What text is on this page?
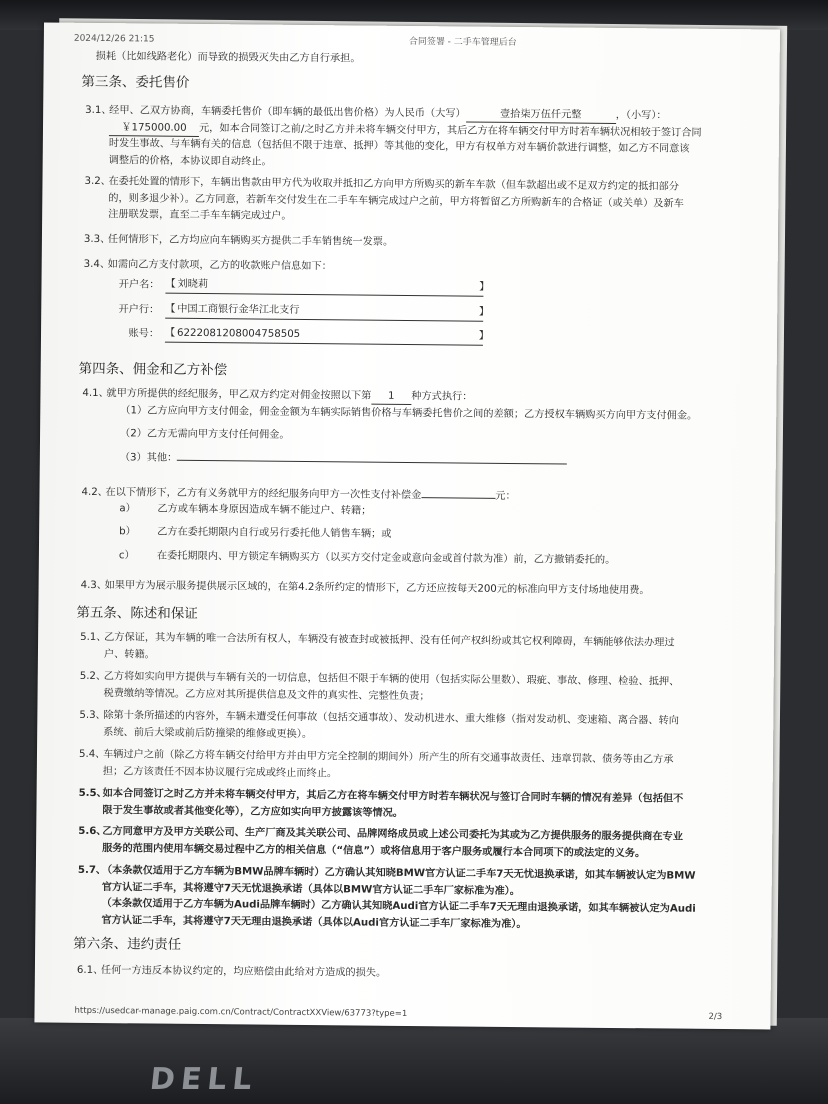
DELL
2024/12/26 21:15	合同签署 - 二手车管理后台
损耗（比如线路老化）而导致的损毁灭失由乙方自行承担。
第三条、委托售价
3.1、
经甲、乙双方协商，车辆委托售价（即车辆的最低出售价格）为人民币（大写）	壹拾柒万伍仟元整	，（小写）：
￥175000.00 元，如本合同签订之前/之时乙方并未将车辆交付甲方，其后乙方在将车辆交付甲方时若车辆状况相较于签订合同
时发生事故、与车辆有关的信息（包括但不限于违章、抵押）等其他的变化，甲方有权单方对车辆价款进行调整，如乙方不同意该
调整后的价格，本协议即自动终止。
3.2、
在委托处置的情形下，车辆出售款由甲方代为收取并抵扣乙方向甲方所购买的新车车款（但车款超出或不足双方约定的抵扣部分
的，则多退少补）。乙方同意，若新车交付发生在二手车车辆完成过户之前，甲方将暂留乙方所购新车的合格证（或关单）及新车
注册联发票，直至二手车车辆完成过户。
3.3、
任何情形下，乙方均应向车辆购买方提供二手车销售统一发票。
3.4、
如需向乙方支付款项，乙方的收款账户信息如下：
开户名： 【 刘晓莉	】
开户行： 【 中国工商银行金华江北支行	】
账号： 【 6222081208004758505	】
第四条、佣金和乙方补偿
4.1、
就甲方所提供的经纪服务，甲乙双方约定对佣金按照以下第 1 种方式执行：
（1）乙方应向甲方支付佣金，佣金金额为车辆实际销售价格与车辆委托售价之间的差额；乙方授权车辆购买方向甲方支付佣金。
（2）乙方无需向甲方支付任何佣金。
（3）其他：
4.2、
在以下情形下，乙方有义务就甲方的经纪服务向甲方一次性支付补偿金	元：
a） 乙方或车辆本身原因造成车辆不能过户、转籍；
b） 乙方在委托期限内自行或另行委托他人销售车辆；或
c） 在委托期限内、甲方锁定车辆购买方（以买方交付定金或意向金或首付款为准）前，乙方撤销委托的。
4.3、
如果甲方为展示服务提供展示区域的，在第4.2条所约定的情形下，乙方还应按每天200元的标准向甲方支付场地使用费。
第五条、陈述和保证
5.1、
乙方保证，其为车辆的唯一合法所有权人，车辆没有被查封或被抵押、没有任何产权纠纷或其它权利障碍，车辆能够依法办理过
户、转籍。
5.2、
乙方将如实向甲方提供与车辆有关的一切信息，包括但不限于车辆的使用（包括实际公里数）、瑕疵、事故、修理、检验、抵押、
税费缴纳等情况。乙方应对其所提供信息及文件的真实性、完整性负责；
5.3、
除第十条所描述的内容外，车辆未遭受任何事故（包括交通事故）、发动机进水、重大维修（指对发动机、变速箱、离合器、转向
系统、前后大梁或前后防撞梁的维修或更换）。
5.4、
车辆过户之前（除乙方将车辆交付给甲方并由甲方完全控制的期间外）所产生的所有交通事故责任、违章罚款、债务等由乙方承
担；乙方该责任不因本协议履行完成或终止而终止。
5.5、
如本合同签订之时乙方并未将车辆交付甲方，其后乙方在将车辆交付甲方时若车辆状况与签订合同时车辆的情况有差异（包括但不
限于发生事故或者其他变化等），乙方应如实向甲方披露该等情况。
5.6、
乙方同意甲方及甲方关联公司、生产厂商及其关联公司、品牌网络成员或上述公司委托为其或为乙方提供服务的服务提供商在专业
服务的范围内使用车辆交易过程中乙方的相关信息（“信息”）或将信息用于客户服务或履行本合同项下的或法定的义务。
5.7、
（本条款仅适用于乙方车辆为BMW品牌车辆时）乙方确认其知晓BMW官方认证二手车7天无忧退换承诺，如其车辆被认定为BMW
官方认证二手车，其将遵守7天无忧退换承诺（具体以BMW官方认证二手车厂家标准为准）。
（本条款仅适用于乙方车辆为Audi品牌车辆时）乙方确认其知晓Audi官方认证二手车7天无理由退换承诺，如其车辆被认定为Audi
官方认证二手车，其将遵守7天无理由退换承诺（具体以Audi官方认证二手车厂家标准为准）。
第六条、违约责任
6.1、
任何一方违反本协议约定的，均应赔偿由此给对方造成的损失。
https://usedcar-manage.paig.com.cn/Contract/ContractXXView/63773?type=1	2/3
